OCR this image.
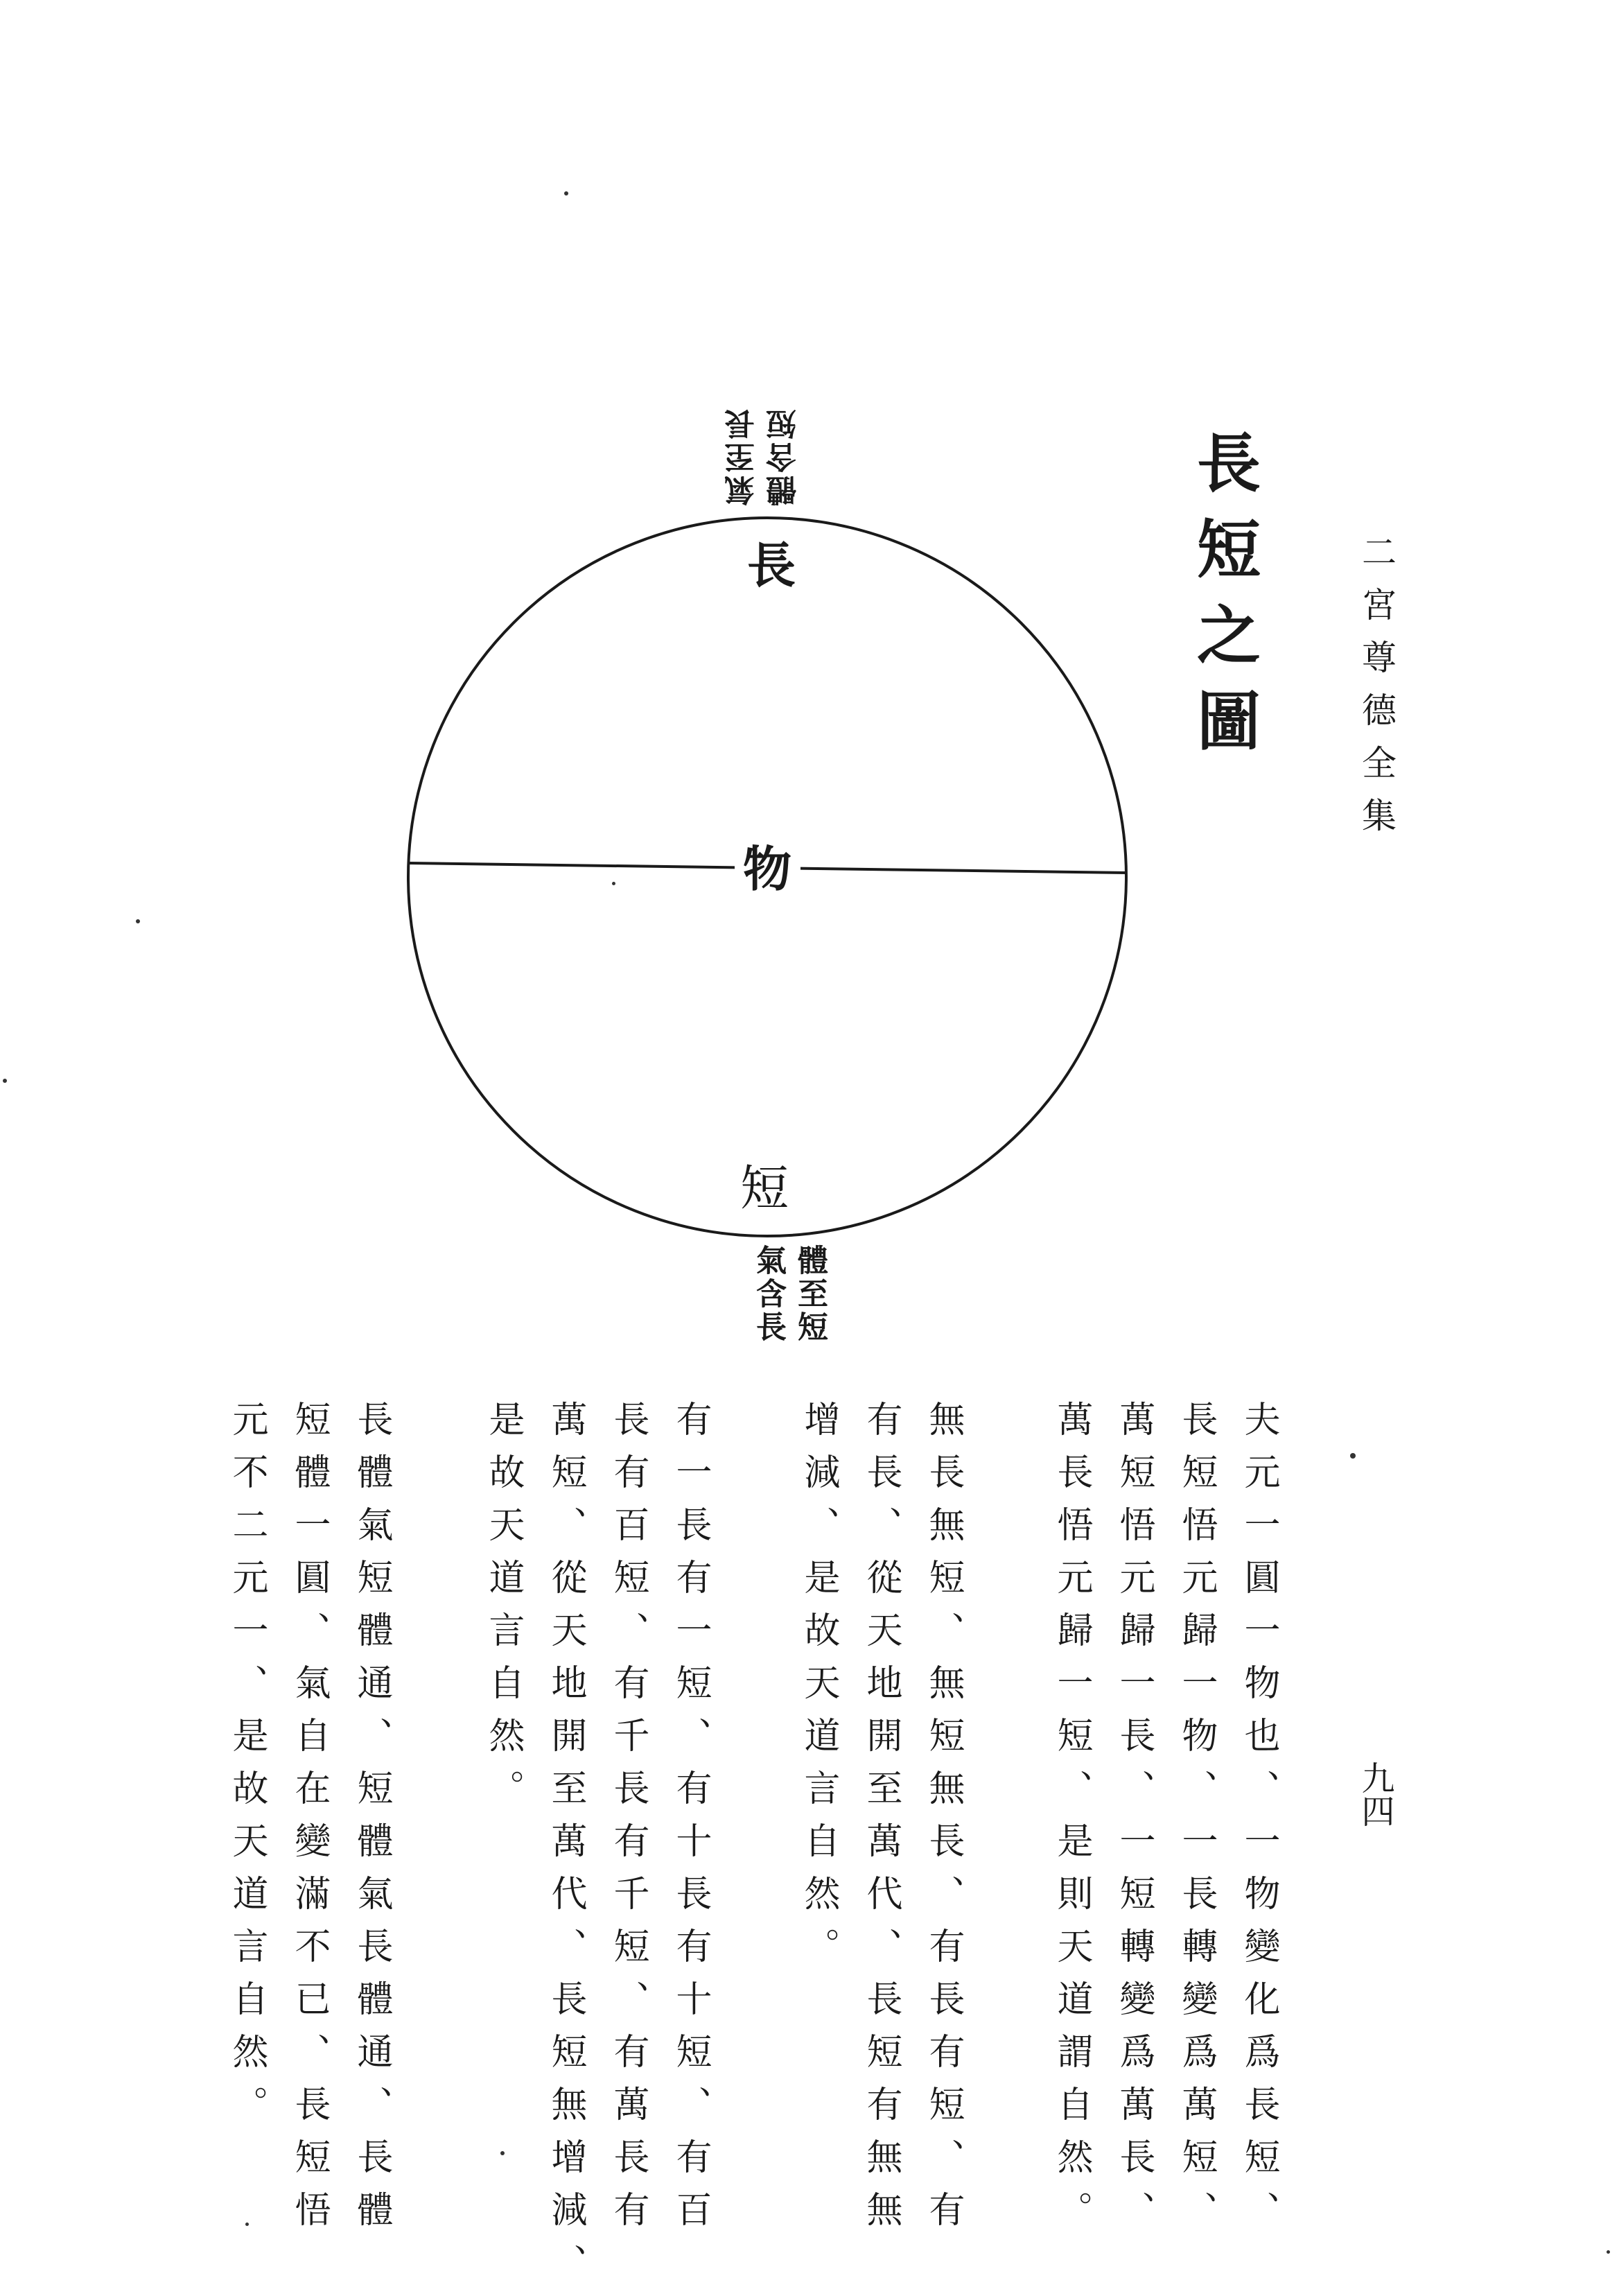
二宮尊德全集
長短之圖
九四
氣至長 體含短
長
物
短
體至短
氣含長
夫元一圓一物也、一物變化爲長短、
長短悟元歸一物、一長轉變爲萬短、
萬短悟元歸一長、一短轉變爲萬長、
萬長悟元歸一短、是則天道謂自然。
無長無短、無短無長、有長有短、有
有長、從天地開至萬代、長短有無無
增減、是故天道言自然。
有一長有一短、有十長有十短、有百
長有百短、有千長有千短、有萬長有
萬短、從天地開至萬代、長短無增減、
是故天道言自然。
長體氣短體通、短體氣長體通、長體
短體一圓、氣自在變滿不已、長短悟
元不二元一、是故天道言自然。
